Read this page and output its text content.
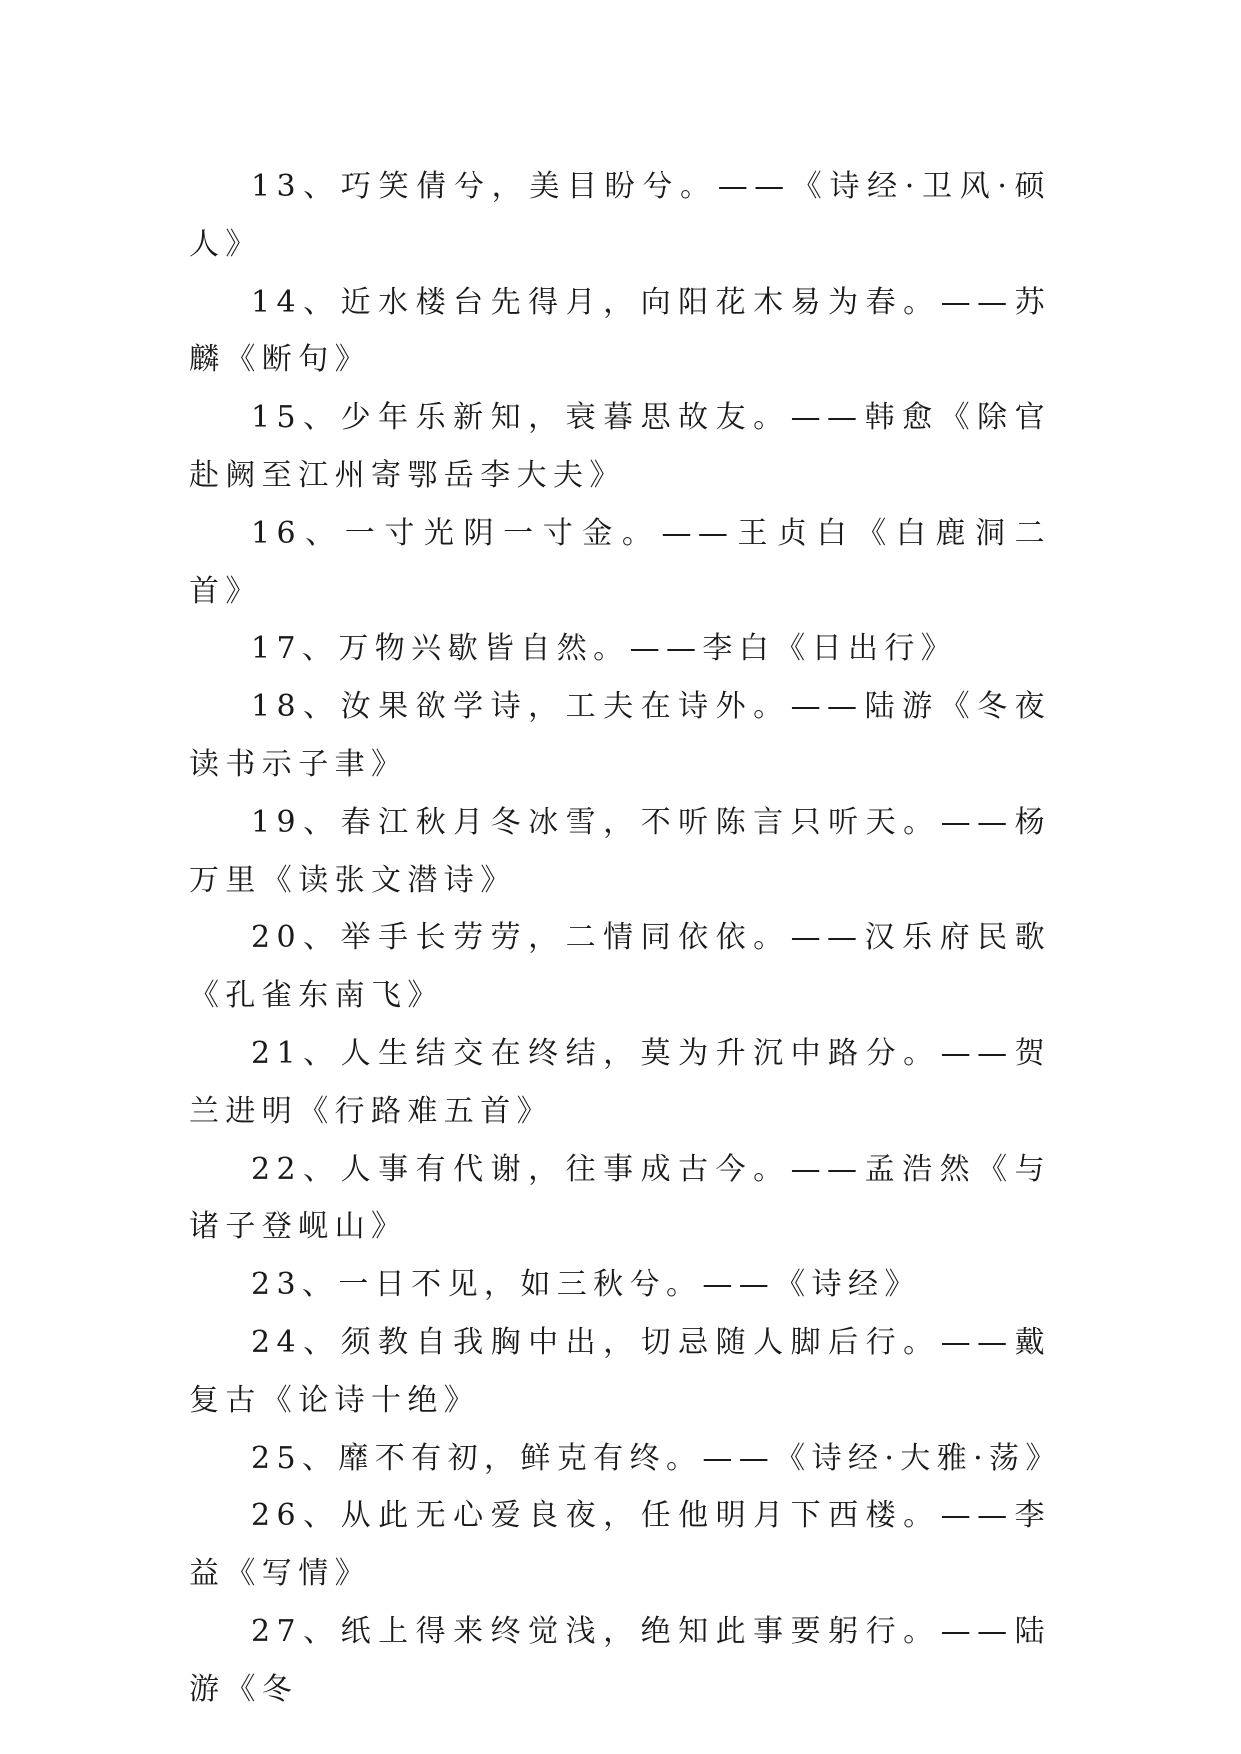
13、巧笑倩兮，美目盼兮。——《诗经·卫风·硕人》

14、近水楼台先得月，向阳花木易为春。——苏麟《断句》

15、少年乐新知，衰暮思故友。——韩愈《除官赴阙至江州寄鄂岳李大夫》

16、一寸光阴一寸金。——王贞白《白鹿洞二首》

17、万物兴歇皆自然。——李白《日出行》

18、汝果欲学诗，工夫在诗外。——陆游《冬夜读书示子聿》

19、春江秋月冬冰雪，不听陈言只听天。——杨万里《读张文潜诗》

20、举手长劳劳，二情同依依。——汉乐府民歌《孔雀东南飞》

21、人生结交在终结，莫为升沉中路分。——贺兰进明《行路难五首》

22、人事有代谢，往事成古今。——孟浩然《与诸子登岘山》

23、一日不见，如三秋兮。——《诗经》

24、须教自我胸中出，切忌随人脚后行。——戴复古《论诗十绝》

25、靡不有初，鲜克有终。——《诗经·大雅·荡》

26、从此无心爱良夜，任他明月下西楼。——李益《写情》

27、纸上得来终觉浅，绝知此事要躬行。——陆游《冬
